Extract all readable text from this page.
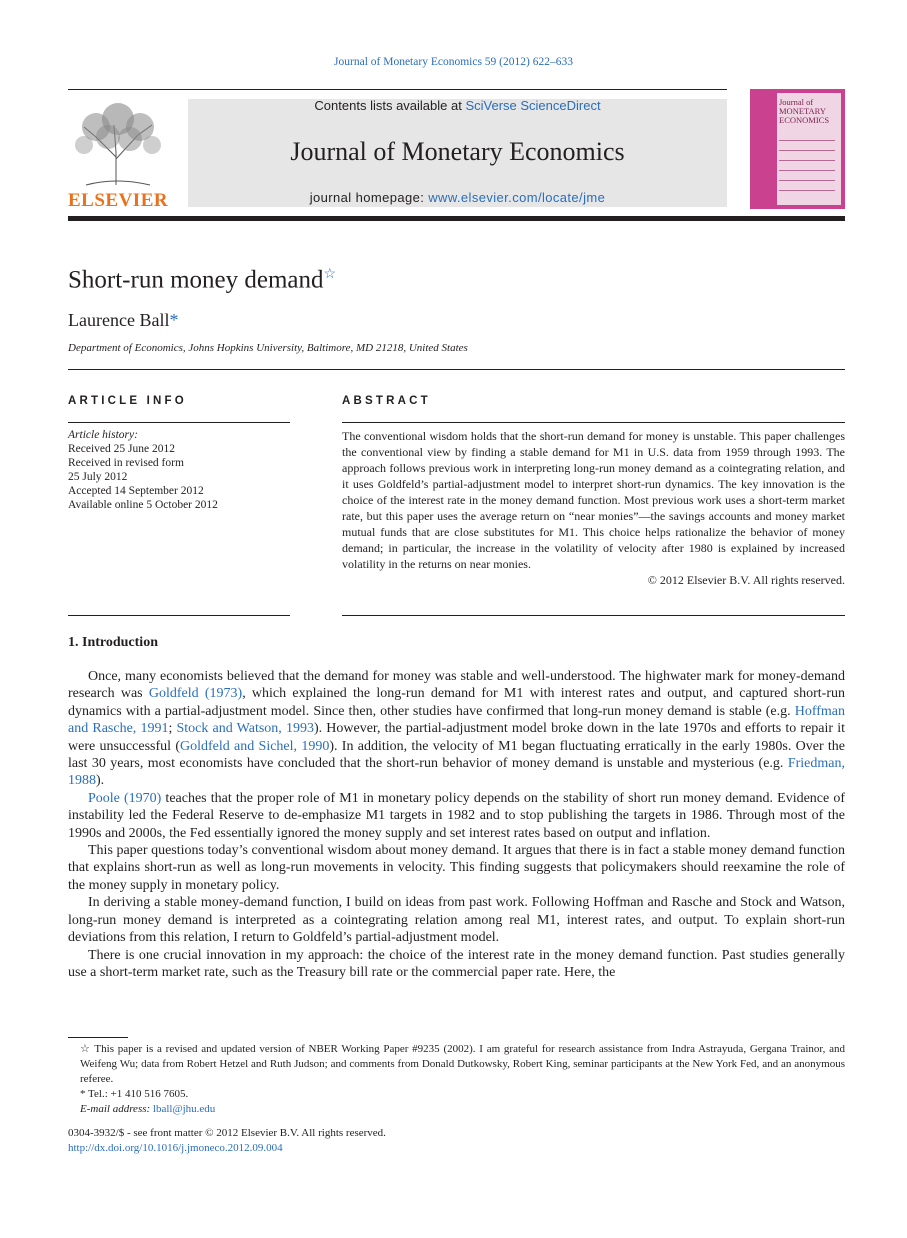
Journal of Monetary Economics 59 (2012) 622–633
ELSEVIER
Contents lists available at SciVerse ScienceDirect
Journal of Monetary Economics
journal homepage: www.elsevier.com/locate/jme
Journal of MONETARY ECONOMICS
Short-run money demand☆
Laurence Ball*
Department of Economics, Johns Hopkins University, Baltimore, MD 21218, United States
ARTICLE INFO	ABSTRACT
Article history:
Received 25 June 2012
Received in revised form
25 July 2012
Accepted 14 September 2012
Available online 5 October 2012
The conventional wisdom holds that the short-run demand for money is unstable. This paper challenges the conventional view by finding a stable demand for M1 in U.S. data from 1959 through 1993. The approach follows previous work in interpreting long-run money demand as a cointegrating relation, and it uses Goldfeld’s partial-adjustment model to interpret short-run dynamics. The key innovation is the choice of the interest rate in the money demand function. Most previous work uses a short-term market rate, but this paper uses the average return on “near monies”—the savings accounts and money market mutual funds that are close substitutes for M1. This choice helps rationalize the behavior of money demand; in particular, the increase in the volatility of velocity after 1980 is explained by increased volatility in the returns on near monies.
© 2012 Elsevier B.V. All rights reserved.
1. Introduction

Once, many economists believed that the demand for money was stable and well-understood. The highwater mark for money-demand research was Goldfeld (1973), which explained the long-run demand for M1 with interest rates and output, and captured short-run dynamics with a partial-adjustment model. Since then, other studies have confirmed that long-run money demand is stable (e.g. Hoffman and Rasche, 1991; Stock and Watson, 1993). However, the partial-adjustment model broke down in the late 1970s and efforts to repair it were unsuccessful (Goldfeld and Sichel, 1990). In addition, the velocity of M1 began fluctuating erratically in the early 1980s. Over the last 30 years, most economists have concluded that the short-run behavior of money demand is unstable and mysterious (e.g. Friedman, 1988).

Poole (1970) teaches that the proper role of M1 in monetary policy depends on the stability of short run money demand. Evidence of instability led the Federal Reserve to de-emphasize M1 targets in 1982 and to stop publishing the targets in 1986. Through most of the 1990s and 2000s, the Fed essentially ignored the money supply and set interest rates based on output and inflation.

This paper questions today’s conventional wisdom about money demand. It argues that there is in fact a stable money demand function that explains short-run as well as long-run movements in velocity. This finding suggests that policymakers should reexamine the role of the money supply in monetary policy.

In deriving a stable money-demand function, I build on ideas from past work. Following Hoffman and Rasche and Stock and Watson, long-run money demand is interpreted as a cointegrating relation among real M1, interest rates, and output. To explain short-run deviations from this relation, I return to Goldfeld’s partial-adjustment model.

There is one crucial innovation in my approach: the choice of the interest rate in the money demand function. Past studies generally use a short-term market rate, such as the Treasury bill rate or the commercial paper rate. Here, the

☆ This paper is a revised and updated version of NBER Working Paper #9235 (2002). I am grateful for research assistance from Indra Astrayuda, Gergana Trainor, and Weifeng Wu; data from Robert Hetzel and Ruth Judson; and comments from Donald Dutkowsky, Robert King, seminar participants at the New York Fed, and an anonymous referee.

* Tel.: +1 410 516 7605.

E-mail address: lball@jhu.edu

0304-3932/$ - see front matter © 2012 Elsevier B.V. All rights reserved.
http://dx.doi.org/10.1016/j.jmoneco.2012.09.004
